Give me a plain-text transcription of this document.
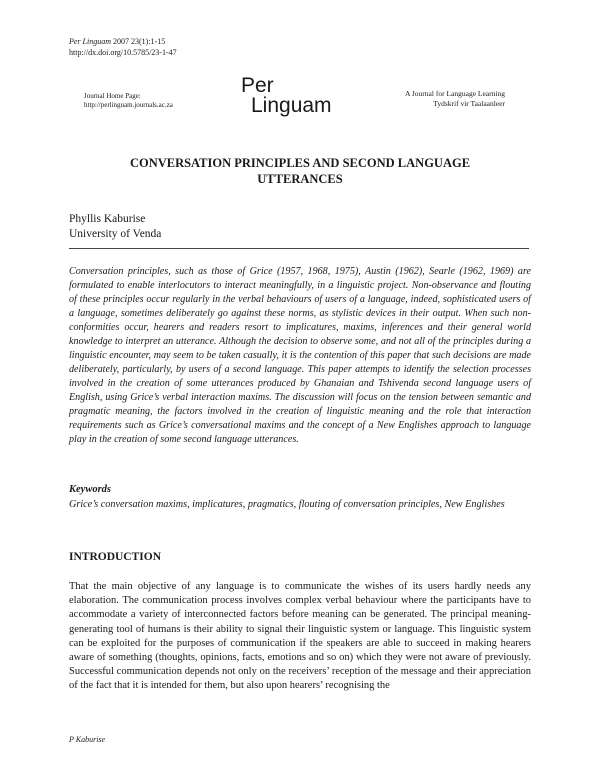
Per Linguam 2007 23(1):1-15
http://dx.doi.org/10.5785/23-1-47
Journal Home Page:
http://perlinguam.journals.ac.za
Per
Linguam
A Journal for Language Learning
Tydskrif vir Taalaanleer
CONVERSATION PRINCIPLES AND SECOND LANGUAGE
UTTERANCES
Phyllis Kaburise
University of Venda

Conversation principles, such as those of Grice (1957, 1968, 1975), Austin (1962), Searle (1962, 1969) are formulated to enable interlocutors to interact meaningfully, in a linguistic project. Non-observance and flouting of these principles occur regularly in the verbal behaviours of users of a language, indeed, sophisticated users of a language, sometimes deliberately go against these norms, as stylistic devices in their output. When such non-conformities occur, hearers and readers resort to implicatures, maxims, inferences and their general world knowledge to interpret an utterance. Although the decision to observe some, and not all of the principles during a linguistic encounter, may seem to be taken casually, it is the contention of this paper that such decisions are made deliberately, particularly, by users of a second language. This paper attempts to identify the selection processes involved in the creation of some utterances produced by Ghanaian and Tshivenda second language users of English, using Grice’s verbal interaction maxims. The discussion will focus on the tension between semantic and pragmatic meaning, the factors involved in the creation of linguistic meaning and the role that interaction requirements such as Grice’s conversational maxims and the concept of a New Englishes approach to language play in the creation of some second language utterances.

Keywords
Grice’s conversation maxims, implicatures, pragmatics, flouting of conversation principles, New Englishes
INTRODUCTION

That the main objective of any language is to communicate the wishes of its users hardly needs any elaboration. The communication process involves complex verbal behaviour where the participants have to accommodate a variety of interconnected factors before meaning can be generated. The principal meaning-generating tool of humans is their ability to signal their linguistic system or language. This linguistic system can be exploited for the purposes of communication if the speakers are able to succeed in making hearers aware of something (thoughts, opinions, facts, emotions and so on) which they were not aware of previously. Successful communication depends not only on the receivers’ reception of the message and their appreciation of the fact that it is intended for them, but also upon hearers’ recognising the

P Kaburise
